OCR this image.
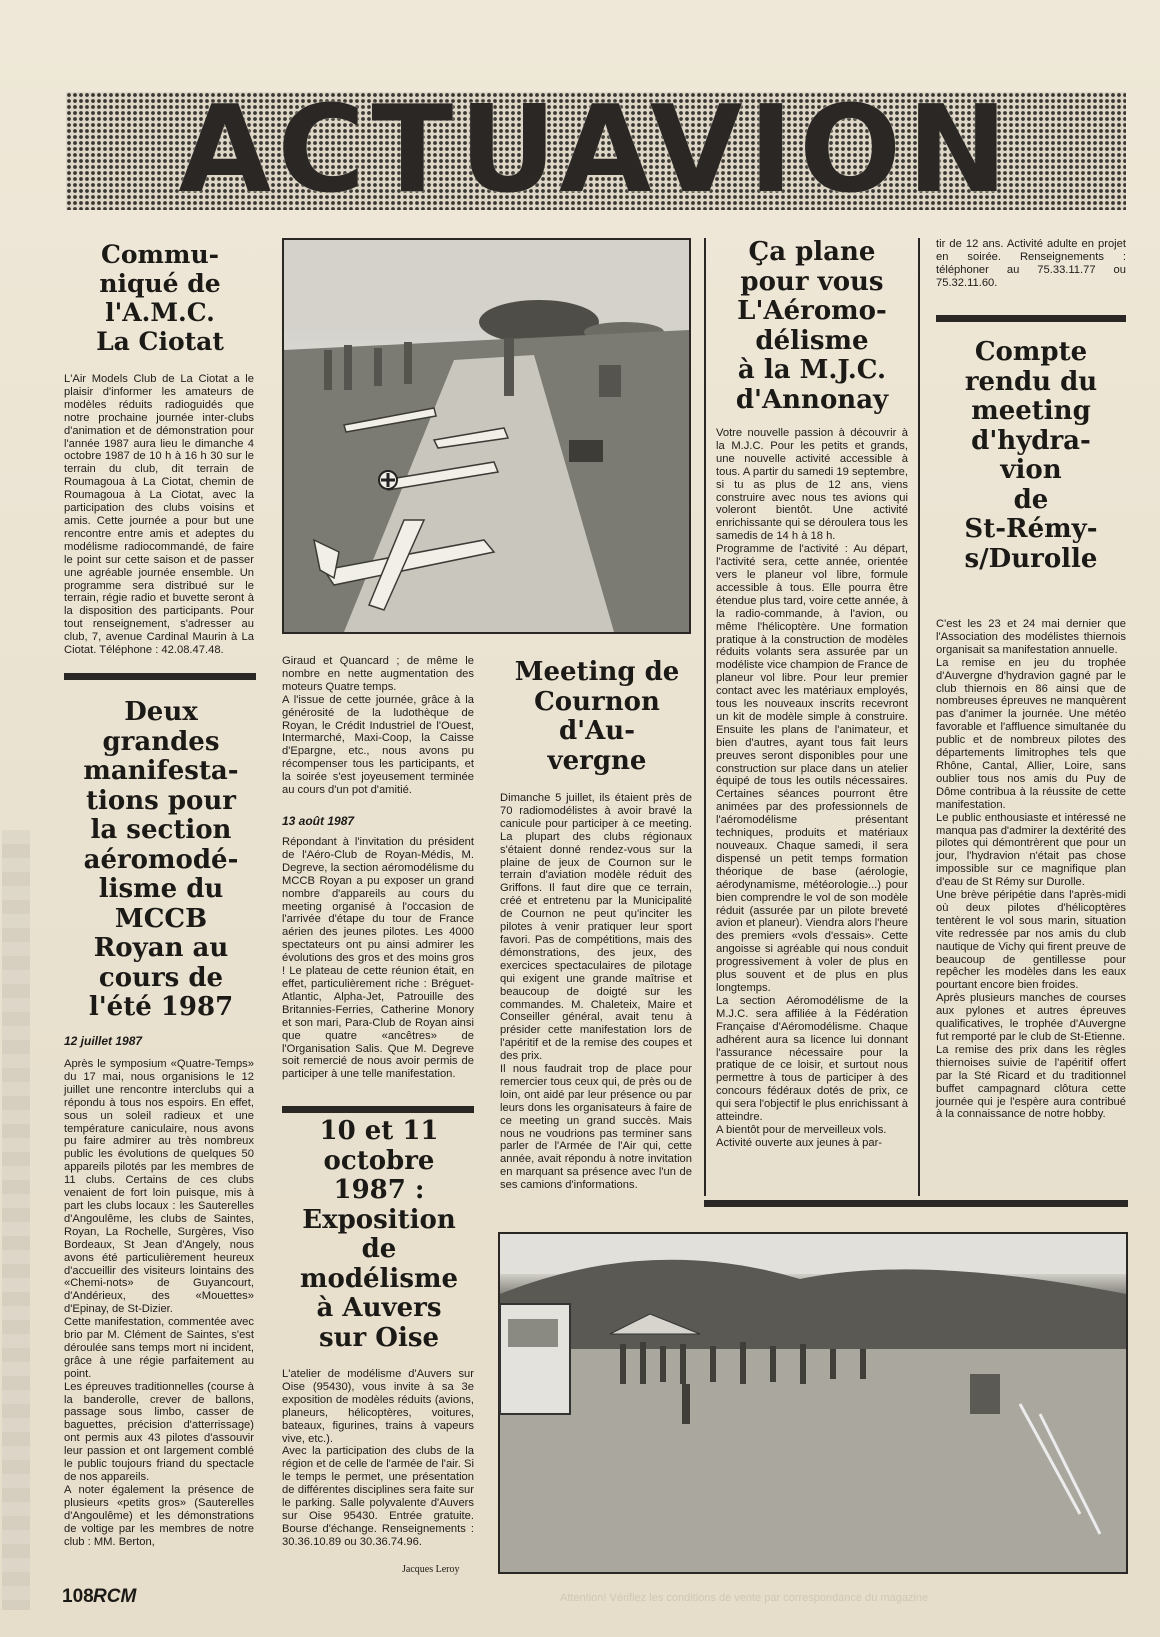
ACTUAVION
Commu-
niqué de
l'A.M.C.
La Ciotat
L'Air Models Club de La Ciotat a le plaisir d'informer les amateurs de modèles réduits radioguidés que notre prochaine journée inter-clubs d'animation et de démonstration pour l'année 1987 aura lieu le dimanche 4 octobre 1987 de 10 h à 16 h 30 sur le terrain du club, dit terrain de Roumagoua à La Ciotat, chemin de Roumagoua à La Ciotat, avec la participation des clubs voisins et amis. Cette journée a pour but une rencontre entre amis et adeptes du modélisme radiocommandé, de faire le point sur cette saison et de passer une agréable journée ensemble. Un programme sera distribué sur le terrain, régie radio et buvette seront à la disposition des participants. Pour tout renseignement, s'adresser au club, 7, avenue Cardinal Maurin à La Ciotat. Téléphone : 42.08.47.48.
Deux
grandes
manifesta-
tions pour
la section
aéromodé-
lisme du
MCCB
Royan au
cours de
l'été 1987
12 juillet 1987
Après le symposium «Quatre-Temps» du 17 mai, nous organisions le 12 juillet une rencontre interclubs qui a répondu à tous nos espoirs. En effet, sous un soleil radieux et une température caniculaire, nous avons pu faire admirer au très nombreux public les évolutions de quelques 50 appareils pilotés par les membres de 11 clubs. Certains de ces clubs venaient de fort loin puisque, mis à part les clubs locaux : les Sauterelles d'Angoulême, les clubs de Saintes, Royan, La Rochelle, Surgères, Viso Bordeaux, St Jean d'Angely, nous avons été particulièrement heureux d'accueillir des visiteurs lointains des «Chemi-nots» de Guyancourt, d'Andérieux, des «Mouettes» d'Epinay, de St-Dizier.
Cette manifestation, commentée avec brio par M. Clément de Saintes, s'est déroulée sans temps mort ni incident, grâce à une régie parfaitement au point.
Les épreuves traditionnelles (course à la banderolle, crever de ballons, passage sous limbo, casser de baguettes, précision d'atterrissage) ont permis aux 43 pilotes d'assouvir leur passion et ont largement comblé le public toujours friand du spectacle de nos appareils.
A noter également la présence de plusieurs «petits gros» (Sauterelles d'Angoulême) et les démonstrations de voltige par les membres de notre club : MM. Berton,
Giraud et Quancard ; de même le nombre en nette augmentation des moteurs Quatre temps.
A l'issue de cette journée, grâce à la générosité de la ludothèque de Royan, le Crédit Industriel de l'Ouest, Intermarché, Maxi-Coop, la Caisse d'Epargne, etc., nous avons pu récompenser tous les participants, et la soirée s'est joyeusement terminée au cours d'un pot d'amitié.
13 août 1987
Répondant à l'invitation du président de l'Aéro-Club de Royan-Médis, M. Degreve, la section aéromodélisme du MCCB Royan a pu exposer un grand nombre d'appareils au cours du meeting organisé à l'occasion de l'arrivée d'étape du tour de France aérien des jeunes pilotes. Les 4000 spectateurs ont pu ainsi admirer les évolutions des gros et des moins gros ! Le plateau de cette réunion était, en effet, particulièrement riche : Bréguet-Atlantic, Alpha-Jet, Patrouille des Britannies-Ferries, Catherine Monory et son mari, Para-Club de Royan ainsi que quatre «ancêtres» de l'Organisation Salis. Que M. Degreve soit remercié de nous avoir permis de participer à une telle manifestation.
10 et 11
octobre
1987 :
Exposition
de
modélisme
à Auvers
sur Oise
L'atelier de modélisme d'Auvers sur Oise (95430), vous invite à sa 3e exposition de modèles réduits (avions, planeurs, hélicoptères, voitures, bateaux, figurines, trains à vapeurs vive, etc.).
Avec la participation des clubs de la région et de celle de l'armée de l'air. Si le temps le permet, une présentation de différentes disciplines sera faite sur le parking. Salle polyvalente d'Auvers sur Oise 95430. Entrée gratuite. Bourse d'échange. Renseignements : 30.36.10.89 ou 30.36.74.96.
Jacques Leroy
Meeting de
Cournon
d'Au-
vergne
Dimanche 5 juillet, ils étaient près de 70 radiomodélistes à avoir bravé la canicule pour participer à ce meeting. La plupart des clubs régionaux s'étaient donné rendez-vous sur la plaine de jeux de Cournon sur le terrain d'aviation modèle réduit des Griffons. Il faut dire que ce terrain, créé et entretenu par la Municipalité de Cournon ne peut qu'inciter les pilotes à venir pratiquer leur sport favori. Pas de compétitions, mais des démonstrations, des jeux, des exercices spectaculaires de pilotage qui exigent une grande maîtrise et beaucoup de doigté sur les commandes. M. Chaleteix, Maire et Conseiller général, avait tenu à présider cette manifestation lors de l'apéritif et de la remise des coupes et des prix.
Il nous faudrait trop de place pour remercier tous ceux qui, de près ou de loin, ont aidé par leur présence ou par leurs dons les organisateurs à faire de ce meeting un grand succès. Mais nous ne voudrions pas terminer sans parler de l'Armée de l'Air qui, cette année, avait répondu à notre invitation en marquant sa présence avec l'un de ses camions d'informations.
Ça plane
pour vous
L'Aéromo-
délisme
à la M.J.C.
d'Annonay
Votre nouvelle passion à découvrir à la M.J.C. Pour les petits et grands, une nouvelle activité accessible à tous. A partir du samedi 19 septembre, si tu as plus de 12 ans, viens construire avec nous tes avions qui voleront bientôt. Une activité enrichissante qui se déroulera tous les samedis de 14 h à 18 h.
Programme de l'activité : Au départ, l'activité sera, cette année, orientée vers le planeur vol libre, formule accessible à tous. Elle pourra être étendue plus tard, voire cette année, à la radio-commande, à l'avion, ou même l'hélicoptère. Une formation pratique à la construction de modèles réduits volants sera assurée par un modéliste vice champion de France de planeur vol libre. Pour leur premier contact avec les matériaux employés, tous les nouveaux inscrits recevront un kit de modèle simple à construire. Ensuite les plans de l'animateur, et bien d'autres, ayant tous fait leurs preuves seront disponibles pour une construction sur place dans un atelier équipé de tous les outils nécessaires. Certaines séances pourront être animées par des professionnels de l'aéromodélisme présentant techniques, produits et matériaux nouveaux. Chaque samedi, il sera dispensé un petit temps formation théorique de base (aérologie, aérodynamisme, météorologie...) pour bien comprendre le vol de son modèle réduit (assurée par un pilote breveté avion et planeur). Viendra alors l'heure des premiers «vols d'essais». Cette angoisse si agréable qui nous conduit progressivement à voler de plus en plus souvent et de plus en plus longtemps.
La section Aéromodélisme de la M.J.C. sera affiliée à la Fédération Française d'Aéromodélisme. Chaque adhérent aura sa licence lui donnant l'assurance nécessaire pour la pratique de ce loisir, et surtout nous permettre à tous de participer à des concours fédéraux dotés de prix, ce qui sera l'objectif le plus enrichissant à atteindre.
A bientôt pour de merveilleux vols.
Activité ouverte aux jeunes à par-
tir de 12 ans. Activité adulte en projet en soirée. Renseignements : téléphoner au 75.33.11.77 ou 75.32.11.60.
Compte
rendu du
meeting
d'hydra-
vion
de
St-Rémy-
s/Durolle
C'est les 23 et 24 mai dernier que l'Association des modélistes thiernois organisait sa manifestation annuelle.
La remise en jeu du trophée d'Auvergne d'hydravion gagné par le club thiernois en 86 ainsi que de nombreuses épreuves ne manquèrent pas d'animer la journée. Une météo favorable et l'affluence simultanée du public et de nombreux pilotes des départements limitrophes tels que Rhône, Cantal, Allier, Loire, sans oublier tous nos amis du Puy de Dôme contribua à la réussite de cette manifestation.
Le public enthousiaste et intéressé ne manqua pas d'admirer la dextérité des pilotes qui démontrèrent que pour un jour, l'hydravion n'était pas chose impossible sur ce magnifique plan d'eau de St Rémy sur Durolle.
Une brève péripétie dans l'après-midi où deux pilotes d'hélicoptères tentèrent le vol sous marin, situation vite redressée par nos amis du club nautique de Vichy qui firent preuve de beaucoup de gentillesse pour repêcher les modèles dans les eaux pourtant encore bien froides.
Après plusieurs manches de courses aux pylones et autres épreuves qualificatives, le trophée d'Auvergne fut remporté par le club de St-Etienne.
La remise des prix dans les règles thiernoises suivie de l'apéritif offert par la Sté Ricard et du traditionnel buffet campagnard clôtura cette journée qui je l'espère aura contribué à la connaissance de notre hobby.
108 RCM	Attention! Vérifiez les conditions de vente par correspondance du magazine
